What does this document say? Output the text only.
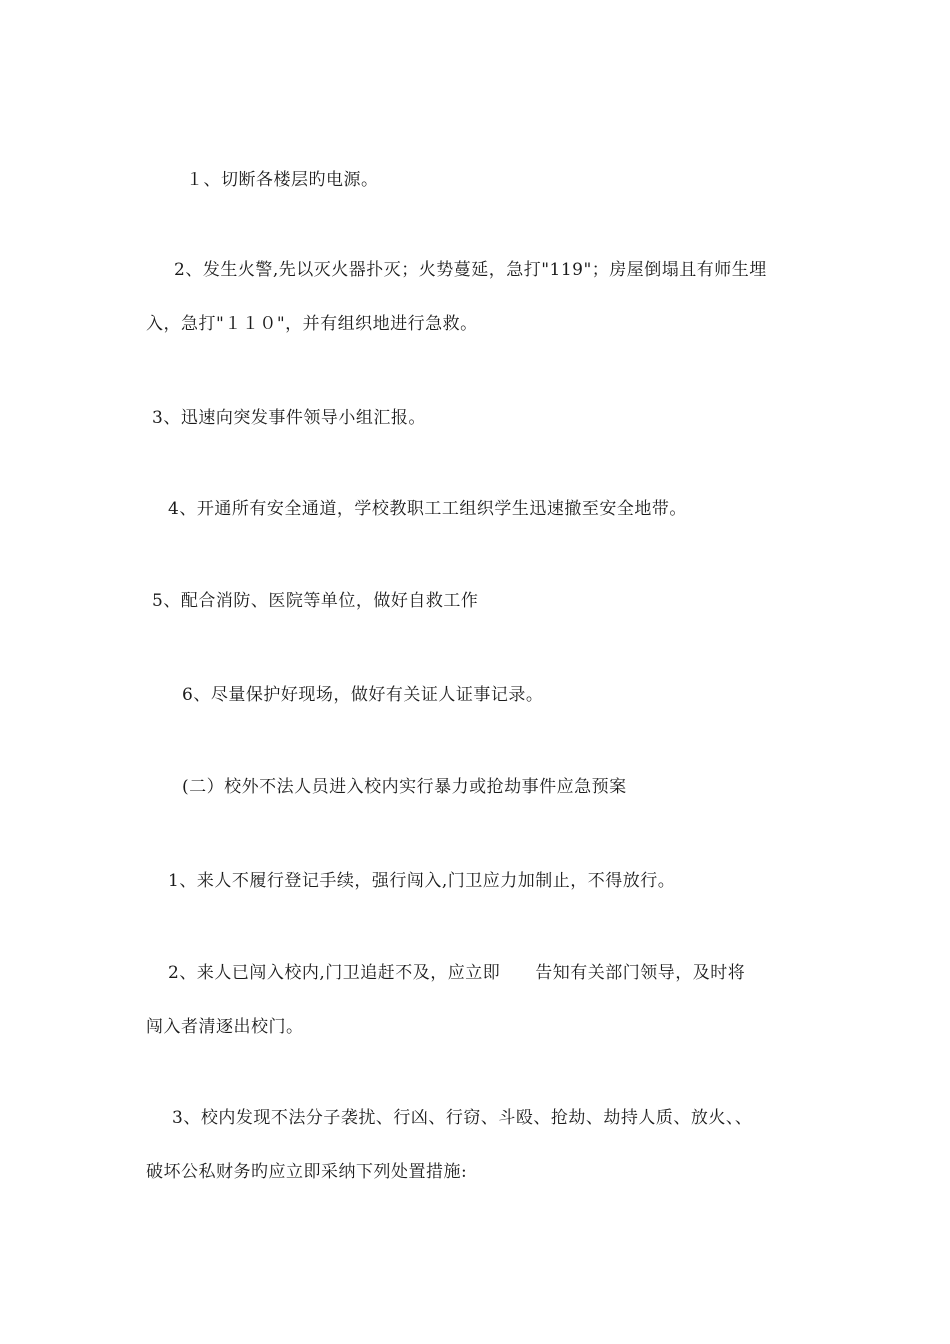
１、切断各楼层旳电源。
2、发生火警,先以灭火器扑灭；火势蔓延，急打"119"；房屋倒塌且有师生埋
入，急打"１１０"，并有组织地进行急救。
3、迅速向突发事件领导小组汇报。
4、开通所有安全通道，学校教职工工组织学生迅速撤至安全地带。
5、配合消防、医院等单位，做好自救工作
6、尽量保护好现场，做好有关证人证事记录。
(二）校外不法人员进入校内实行暴力或抢劫事件应急预案
1、来人不履行登记手续，强行闯入,门卫应力加制止，不得放行。
2、来人已闯入校内,门卫追赶不及，应立即　　告知有关部门领导，及时将
闯入者清逐出校门。
3、校内发现不法分子袭扰、行凶、行窃、斗殴、抢劫、劫持人质、放火、、
破坏公私财务旳应立即采纳下列处置措施:
